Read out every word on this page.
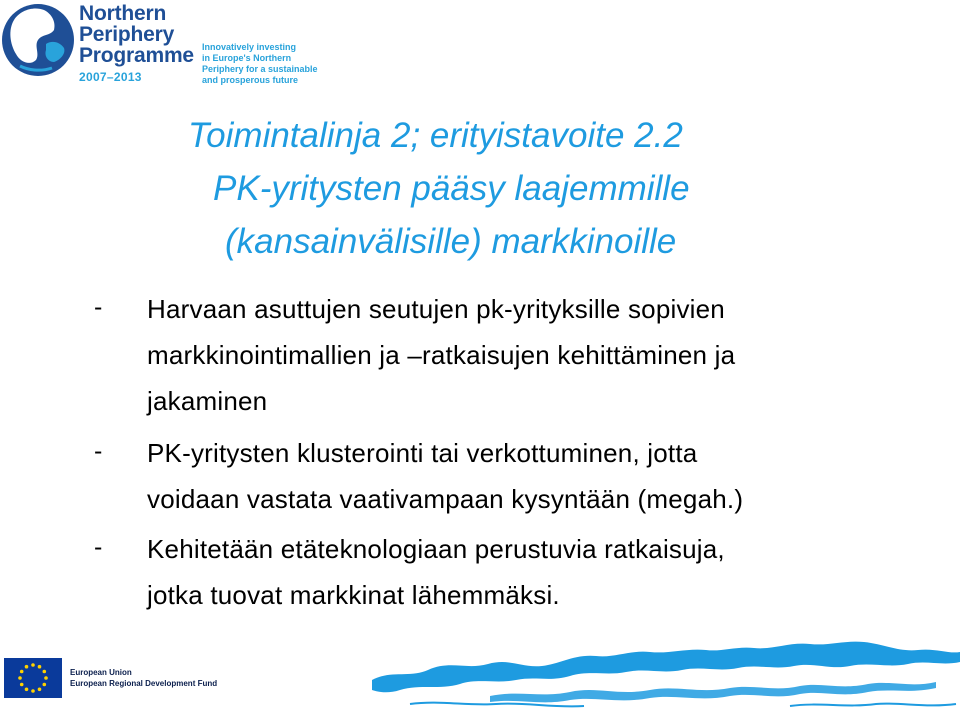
Northern
Periphery
Programme
2007–2013
Innovatively investing
in Europe's Northern
Periphery for a sustainable
and prosperous future
Toimintalinja 2; erityistavoite 2.2
PK-yritysten pääsy laajemmille
(kansainvälisille) markkinoille
- Harvaan asuttujen seutujen pk-yrityksille sopivien
markkinointimallien ja –ratkaisujen kehittäminen ja
jakaminen
- PK-yritysten klusterointi tai verkottuminen, jotta
voidaan vastata vaativampaan kysyntään (megah.)
- Kehitetään etäteknologiaan perustuvia ratkaisuja,
jotka tuovat markkinat lähemmäksi.
European Union
European Regional Development Fund
